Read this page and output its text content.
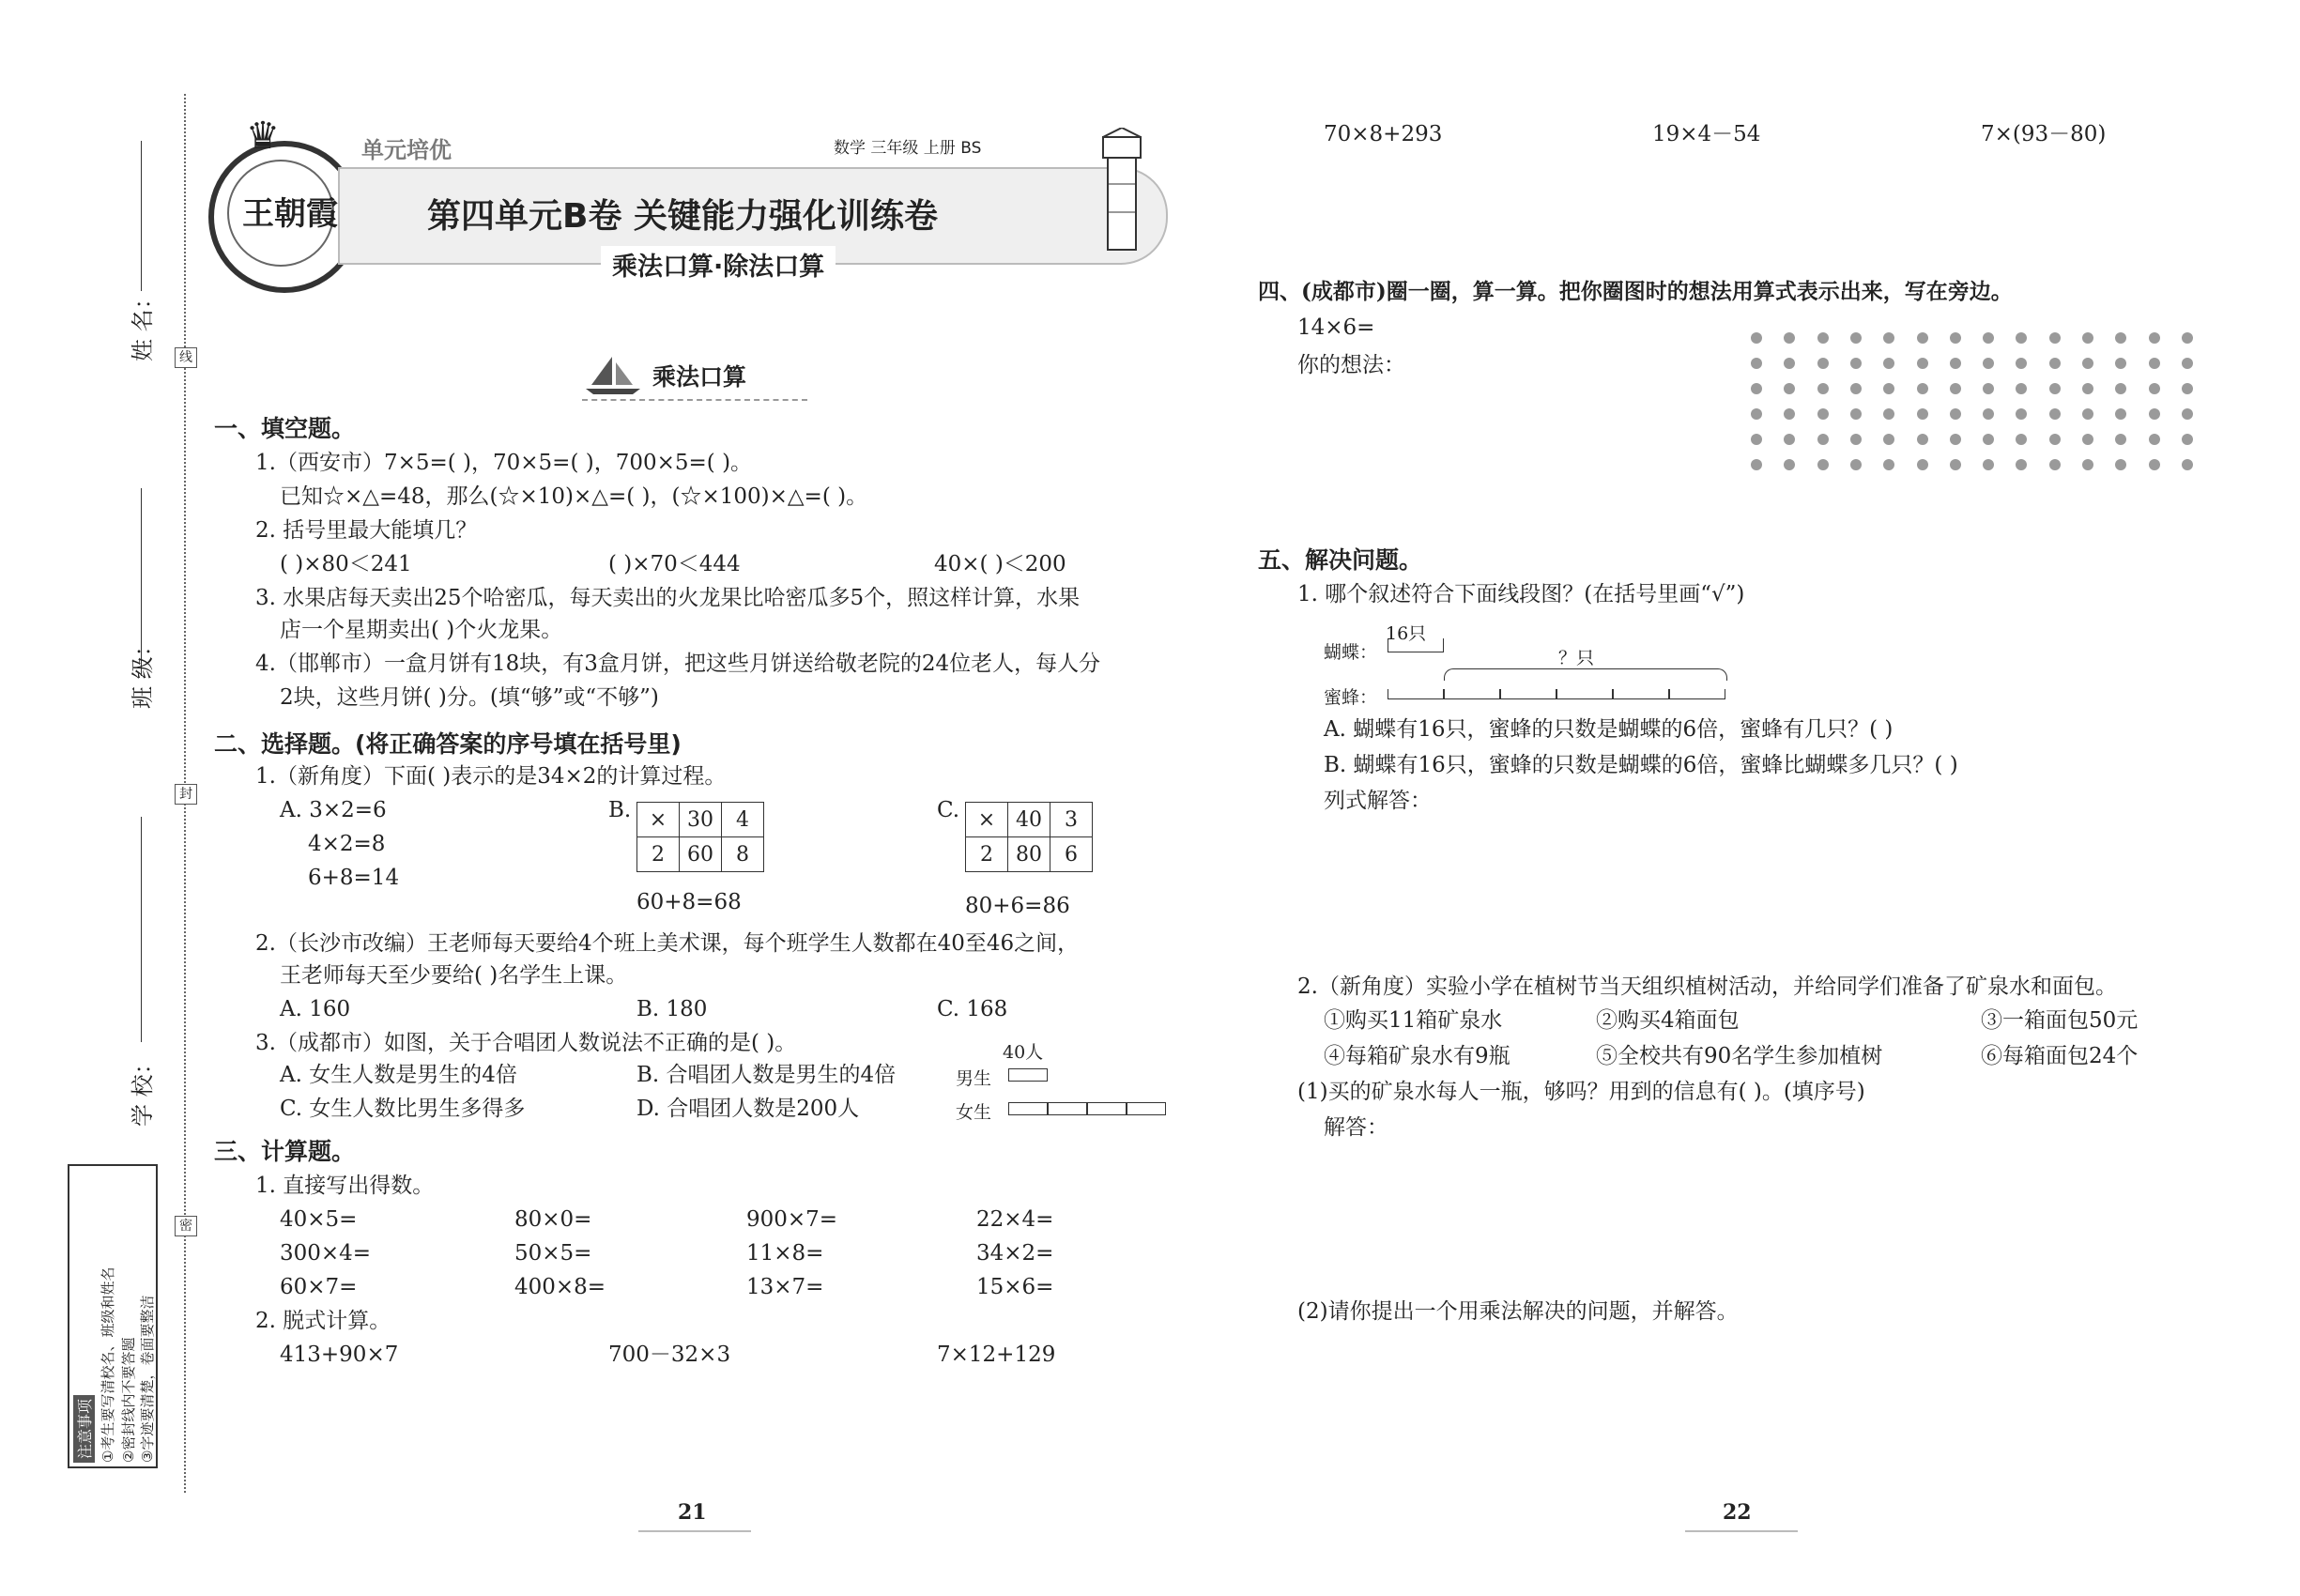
姓 名：
班 级：
学 校：
线
封
密
注意事项 ①考生要写清校名、班级和姓名 ②密封线内不要答题 ③字迹要清楚，卷面要整洁
王朝霞
♛	单元培优	数学 三年级 上册 BS
第四单元B卷 关键能力强化训练卷
乘法口算·除法口算
乘法口算
一、填空题。
1.（西安市）7×5=( )，70×5=( )，700×5=( )。
已知☆×△=48，那么(☆×10)×△=( )，(☆×100)×△=( )。
2. 括号里最大能填几？
( )×80＜241	( )×70＜444	40×( )＜200
3. 水果店每天卖出25个哈密瓜，每天卖出的火龙果比哈密瓜多5个，照这样计算，水果
店一个星期卖出( )个火龙果。
4.（邯郸市）一盒月饼有18块，有3盒月饼，把这些月饼送给敬老院的24位老人，每人分
2块，这些月饼( )分。(填“够”或“不够”)
二、选择题。(将正确答案的序号填在括号里)
1.（新角度）下面( )表示的是34×2的计算过程。
A. 3×2=6
4×2=8
6+8=14
B. ×	30	4
2	60	8
60+8=68
C. ×	40	3
2	80	6
80+6=86
2.（长沙市改编）王老师每天要给4个班上美术课，每个班学生人数都在40至46之间，
王老师每天至少要给( )名学生上课。
A. 160	B. 180	C. 168
3.（成都市）如图，关于合唱团人数说法不正确的是( )。
A. 女生人数是男生的4倍	B. 合唱团人数是男生的4倍
C. 女生人数比男生多得多	D. 合唱团人数是200人
40人
男生
女生
三、计算题。
1. 直接写出得数。
40×5=	80×0=	900×7=	22×4=
300×4=	50×5=	11×8=	34×2=
60×7=	400×8=	13×7=	15×6=
2. 脱式计算。
413+90×7	700－32×3	7×12+129
21
70×8+293	19×4－54	7×(93－80)
四、(成都市)圈一圈，算一算。把你圈图时的想法用算式表示出来，写在旁边。
14×6=
你的想法：
五、解决问题。
1. 哪个叙述符合下面线段图？(在括号里画“√”)
蝴蝶：
16只
？只
蜜蜂：
A. 蝴蝶有16只，蜜蜂的只数是蝴蝶的6倍，蜜蜂有几只？( )
B. 蝴蝶有16只，蜜蜂的只数是蝴蝶的6倍，蜜蜂比蝴蝶多几只？( )
列式解答：
2.（新角度）实验小学在植树节当天组织植树活动，并给同学们准备了矿泉水和面包。
①购买11箱矿泉水	②购买4箱面包	③一箱面包50元
④每箱矿泉水有9瓶	⑤全校共有90名学生参加植树	⑥每箱面包24个
(1)买的矿泉水每人一瓶，够吗？用到的信息有( )。(填序号)
解答：
(2)请你提出一个用乘法解决的问题，并解答。
22
